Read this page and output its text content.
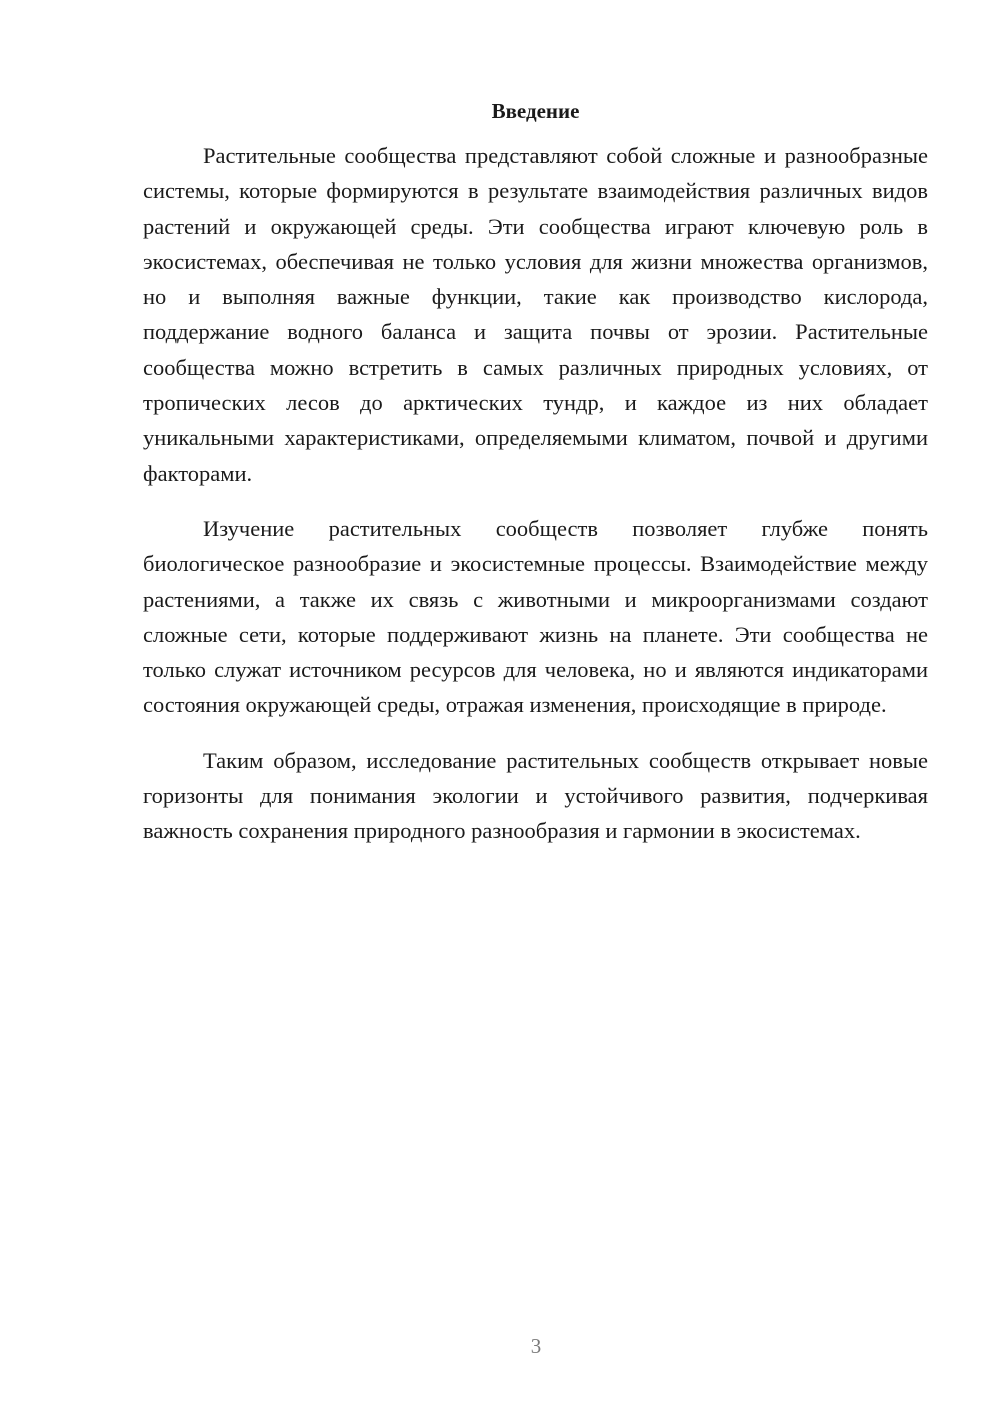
Введение

Растительные сообщества представляют собой сложные и разнообразные системы, которые формируются в результате взаимодействия различных видов растений и окружающей среды. Эти сообщества играют ключевую роль в экосистемах, обеспечивая не только условия для жизни множества организмов, но и выполняя важные функции, такие как производство кислорода, поддержание водного баланса и защита почвы от эрозии. Растительные сообщества можно встретить в самых различных природных условиях, от тропических лесов до арктических тундр, и каждое из них обладает уникальными характеристиками, определяемыми климатом, почвой и другими факторами.

Изучение растительных сообществ позволяет глубже понять биологическое разнообразие и экосистемные процессы. Взаимодействие между растениями, а также их связь с животными и микроорганизмами создают сложные сети, которые поддерживают жизнь на планете. Эти сообщества не только служат источником ресурсов для человека, но и являются индикаторами состояния окружающей среды, отражая изменения, происходящие в природе.

Таким образом, исследование растительных сообществ открывает новые горизонты для понимания экологии и устойчивого развития, подчеркивая важность сохранения природного разнообразия и гармонии в экосистемах.

3
